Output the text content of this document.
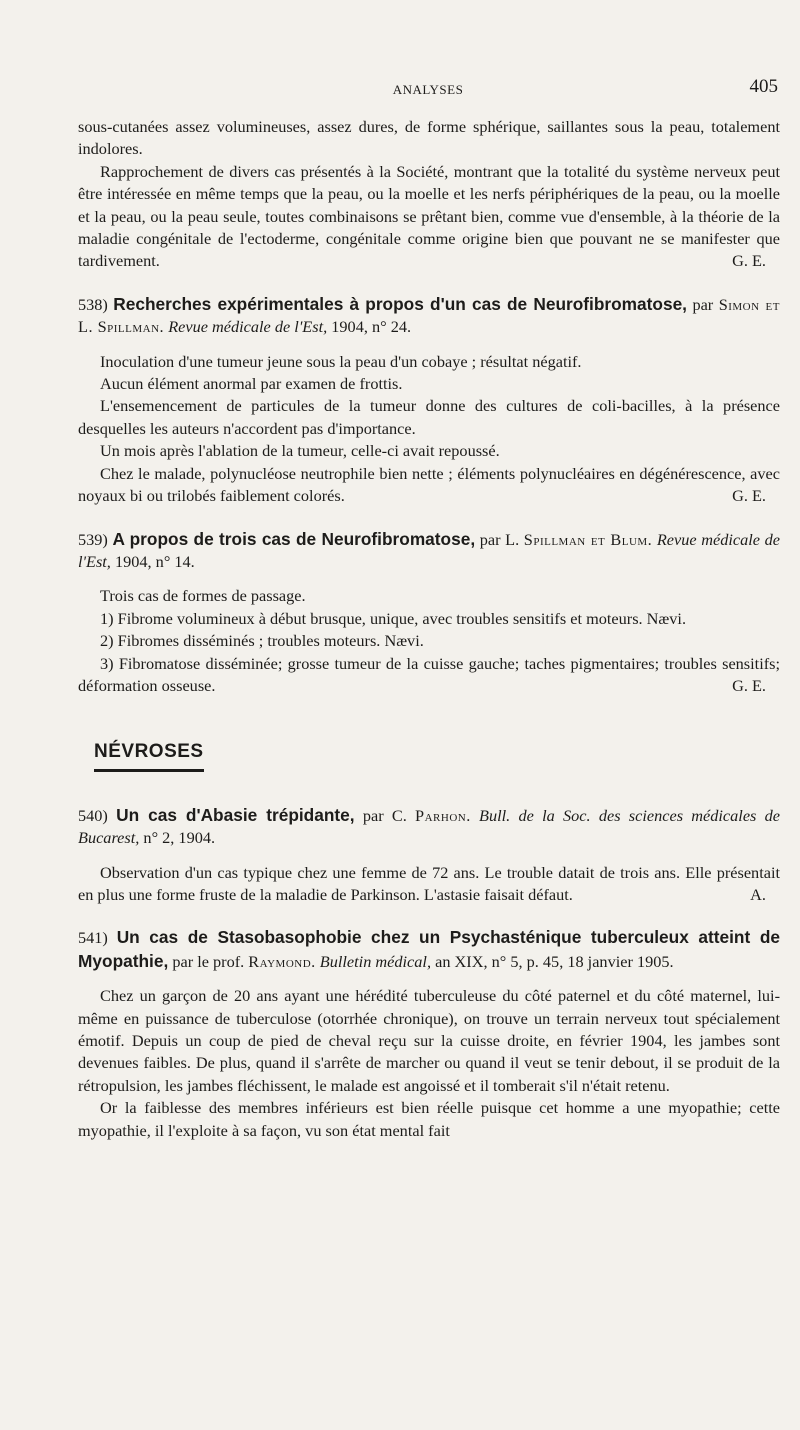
ANALYSES	405

sous-cutanées assez volumineuses, assez dures, de forme sphérique, saillantes sous la peau, totalement indolores.

Rapprochement de divers cas présentés à la Société, montrant que la totalité du système nerveux peut être intéressée en même temps que la peau, ou la moelle et les nerfs périphériques de la peau, ou la moelle et la peau, ou la peau seule, toutes combinaisons se prêtant bien, comme vue d'ensemble, à la théorie de la maladie congénitale de l'ectoderme, congénitale comme origine bien que pouvant ne se manifester que tardivement.	G. E.

538) Recherches expérimentales à propos d'un cas de Neurofibromatose, par Simon et L. Spillman. Revue médicale de l'Est, 1904, n° 24.

Inoculation d'une tumeur jeune sous la peau d'un cobaye ; résultat négatif.

Aucun élément anormal par examen de frottis.

L'ensemencement de particules de la tumeur donne des cultures de coli-bacilles, à la présence desquelles les auteurs n'accordent pas d'importance.

Un mois après l'ablation de la tumeur, celle-ci avait repoussé.

Chez le malade, polynucléose neutrophile bien nette ; éléments polynucléaires en dégénérescence, avec noyaux bi ou trilobés faiblement colorés.	G. E.

539) A propos de trois cas de Neurofibromatose, par L. Spillman et Blum. Revue médicale de l'Est, 1904, n° 14.

Trois cas de formes de passage.

1) Fibrome volumineux à début brusque, unique, avec troubles sensitifs et moteurs. Nævi.

2) Fibromes disséminés ; troubles moteurs. Nævi.

3) Fibromatose disséminée; grosse tumeur de la cuisse gauche; taches pigmentaires; troubles sensitifs; déformation osseuse.	G. E.

NÉVROSES

540) Un cas d'Abasie trépidante, par C. Parhon. Bull. de la Soc. des sciences médicales de Bucarest, n° 2, 1904.

Observation d'un cas typique chez une femme de 72 ans. Le trouble datait de trois ans. Elle présentait en plus une forme fruste de la maladie de Parkinson. L'astasie faisait défaut.	A.

541) Un cas de Stasobasophobie chez un Psychasténique tuberculeux atteint de Myopathie, par le prof. Raymond. Bulletin médical, an XIX, n° 5, p. 45, 18 janvier 1905.

Chez un garçon de 20 ans ayant une hérédité tuberculeuse du côté paternel et du côté maternel, lui-même en puissance de tuberculose (otorrhée chronique), on trouve un terrain nerveux tout spécialement émotif. Depuis un coup de pied de cheval reçu sur la cuisse droite, en février 1904, les jambes sont devenues faibles. De plus, quand il s'arrête de marcher ou quand il veut se tenir debout, il se produit de la rétropulsion, les jambes fléchissent, le malade est angoissé et il tomberait s'il n'était retenu.

Or la faiblesse des membres inférieurs est bien réelle puisque cet homme a une myopathie; cette myopathie, il l'exploite à sa façon, vu son état mental fait
